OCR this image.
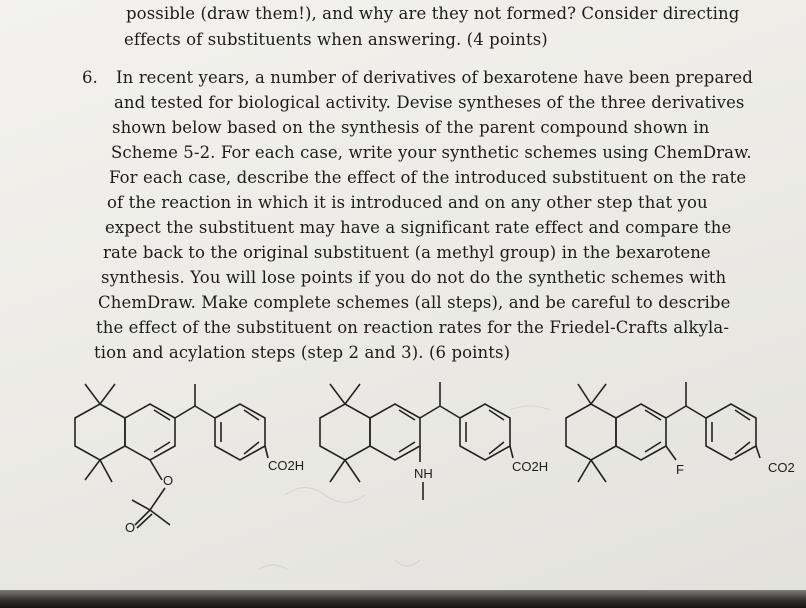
possible (draw them!), and why are they not formed? Consider directing
effects of substituents when answering. (4 points)
6. In recent years, a number of derivatives of bexarotene have been prepared
and tested for biological activity. Devise syntheses of the three derivatives
shown below based on the synthesis of the parent compound shown in
Scheme 5-2. For each case, write your synthetic schemes using ChemDraw.
For each case, describe the effect of the introduced substituent on the rate
of the reaction in which it is introduced and on any other step that you
expect the substituent may have a significant rate effect and compare the
rate back to the original substituent (a methyl group) in the bexarotene
synthesis. You will lose points if you do not do the synthetic schemes with
ChemDraw. Make complete schemes (all steps), and be careful to describe
the effect of the substituent on reaction rates for the Friedel-Crafts alkyla-
tion and acylation steps (step 2 and 3). (6 points)
O
O
CO2H
NH	CO2H	F	CO2
